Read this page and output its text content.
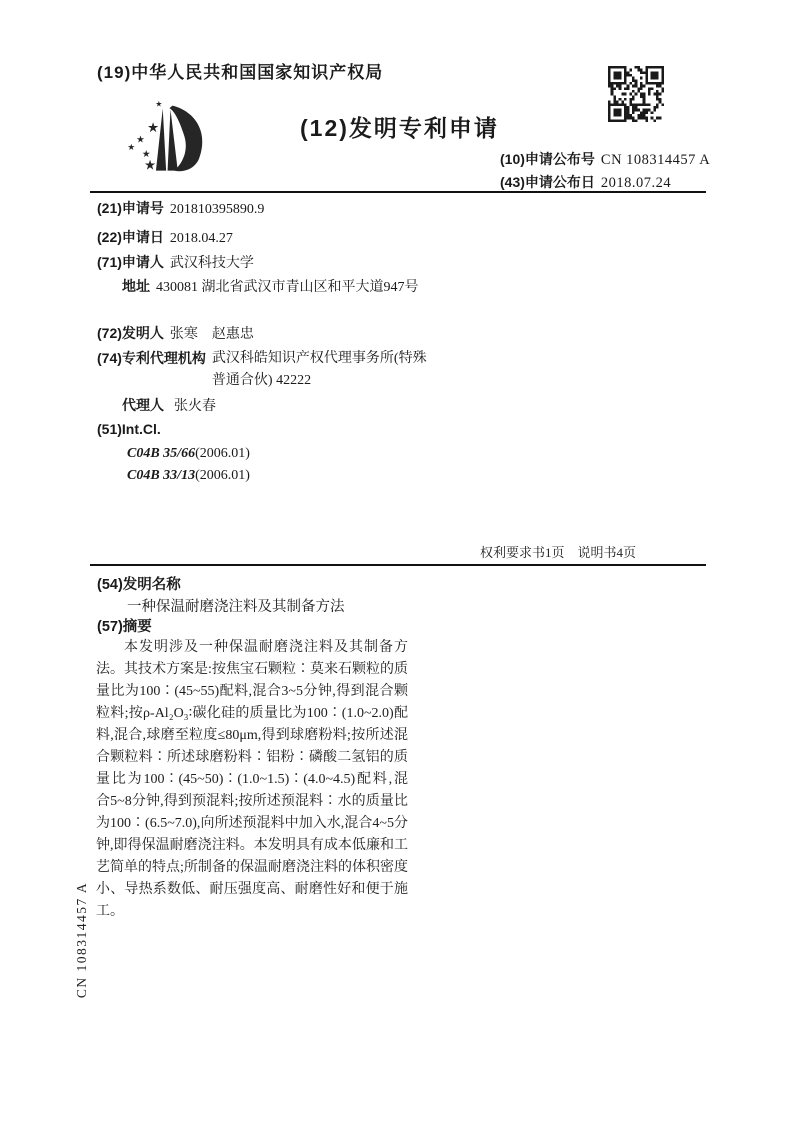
(19)中华人民共和国国家知识产权局
★
★
★
★
★
★
(12)发明专利申请
(10)申请公布号 CN 108314457 A
(43)申请公布日 2018.07.24
(21)申请号 201810395890.9
(22)申请日 2018.04.27
(71)申请人 武汉科技大学
地址 430081 湖北省武汉市青山区和平大道947号
(72)发明人 张寒　赵惠忠
(74)专利代理机构 武汉科皓知识产权代理事务所(特殊普通合伙) 42222
代理人 张火春
(51)Int.Cl.
C04B 35/66(2006.01)
C04B 33/13(2006.01)
权利要求书1页　说明书4页
(54)发明名称
一种保温耐磨浇注料及其制备方法
(57)摘要
本发明涉及一种保温耐磨浇注料及其制备方法。其技术方案是:按焦宝石颗粒∶莫来石颗粒的质量比为100∶(45~55)配料,混合3~5分钟,得到混合颗粒料;按ρ-Al₂O₃∶碳化硅的质量比为100∶(1.0~2.0)配料,混合,球磨至粒度≤80μm,得到球磨粉料;按所述混合颗粒料∶所述球磨粉料∶铝粉∶磷酸二氢铝的质量比为100∶(45~50)∶(1.0~1.5)∶(4.0~4.5)配料,混合5~8分钟,得到预混料;按所述预混料∶水的质量比为100∶(6.5~7.0),向所述预混料中加入水,混合4~5分钟,即得保温耐磨浇注料。本发明具有成本低廉和工艺简单的特点;所制备的保温耐磨浇注料的体积密度小、导热系数低、耐压强度高、耐磨性好和便于施工。
CN 108314457 A
